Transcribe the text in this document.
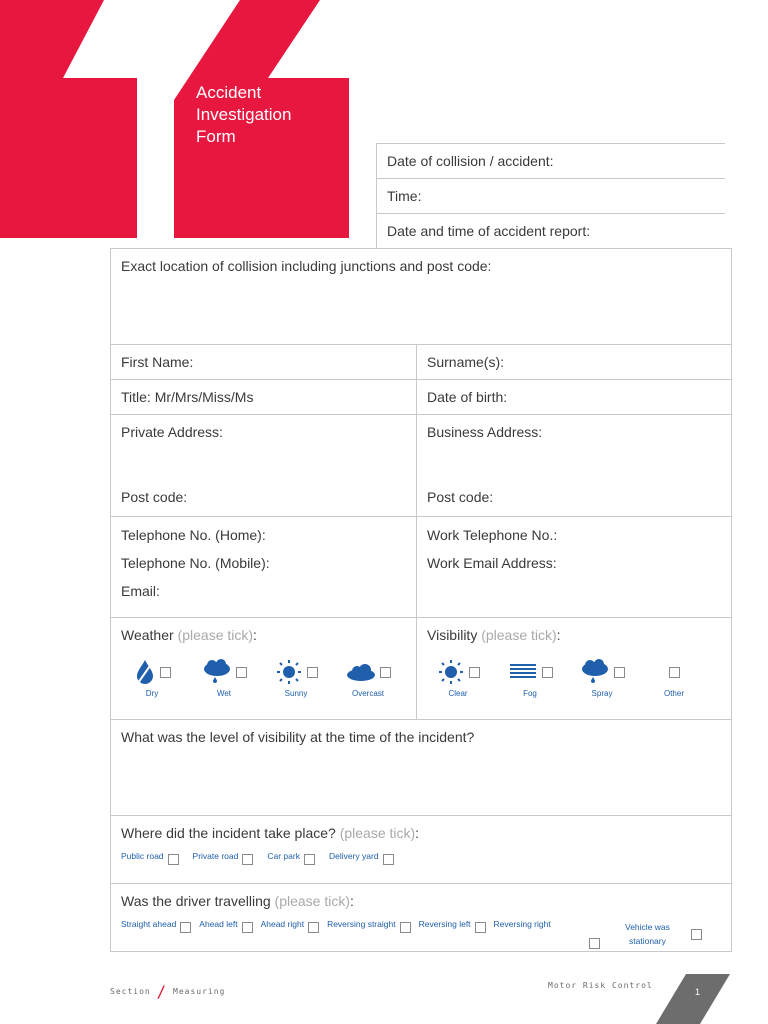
Accident
Investigation
Form
Date of collision / accident:
Time:
Date and time of accident report:
Exact location of collision including junctions and post code:
First Name:	Surname(s):
Title: Mr/Mrs/Miss/Ms	Date of birth:
Private Address:
Post code:
Business Address:
Post code:
Telephone No. (Home):
Telephone No. (Mobile):
Email:
Work Telephone No.:
Work Email Address:
Weather (please tick):
Dry	Wet	Sunny	Overcast
Visibility (please tick):
Clear	Fog	Spray	Other
What was the level of visibility at the time of the incident?
Where did the incident take place? (please tick):
Public road	Private road	Car park	Delivery yard
Was the driver travelling (please tick):
Straight ahead	Ahead left	Ahead right	Reversing straight	Reversing left	Reversing right	Vehicle was
stationary
Section / Measuring
Motor Risk Control
1
